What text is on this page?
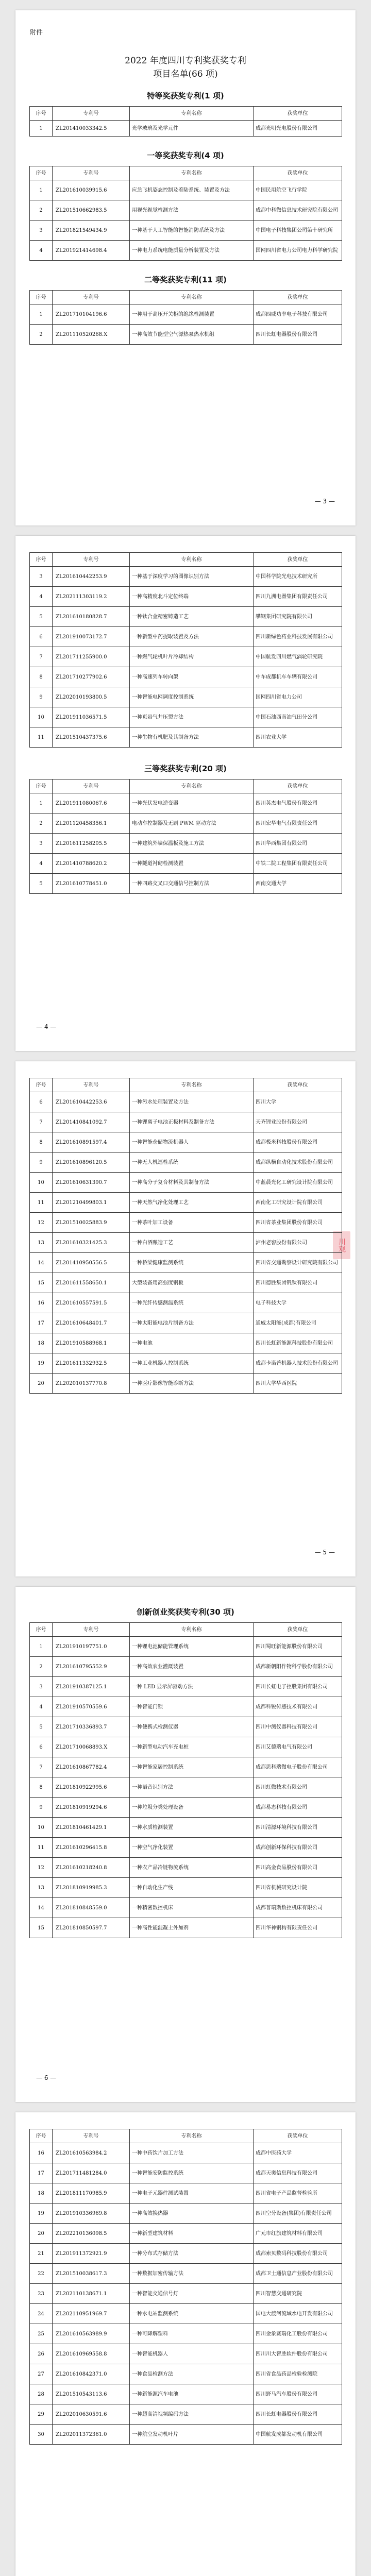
附件
2022 年度四川专利奖获奖专利
项目名单(66 项)
特等奖获奖专利(1 项)
序号	专利号	专利名称	获奖单位
1	ZL201410033342.5	光学玻璃及光学元件	成都光明光电股份有限公司
一等奖获奖专利(4 项)
序号	专利号	专利名称	获奖单位
1	ZL201610039915.6	应急飞机姿态控制及着陆系统、装置及方法	中国民用航空飞行学院
2	ZL201510662983.5	用视光视觉检测方法	成都中科微信息技术研究院有限公司
3	ZL201821549434.9	一种基于人工智能的智能消防系统及方法	中国电子科技集团公司第十研究所
4	ZL201921414698.4	一种电力系统电能质量分析装置及方法	国网四川省电力公司电力科学研究院
二等奖获奖专利(11 项)
序号	专利号	专利名称	获奖单位
1	ZL201710104196.6	一种用于高压开关柜的绝缘检测装置	成都四威功率电子科技有限公司
2	ZL201110520268.X	一种高效节能型空气源热泵热水机组	四川长虹电器股份有限公司
— 3 —
序号	专利号	专利名称	获奖单位
3	ZL201610442253.9	一种基于深度学习的图像识别方法	中国科学院光电技术研究所
4	ZL202111303119.2	一种高精度北斗定位终端	四川九洲电器集团有限责任公司
5	ZL201610180828.7	一种钛合金精密铸造工艺	攀钢集团研究院有限公司
6	ZL201910073172.7	一种新型中药提取装置及方法	四川新绿色药业科技发展有限公司
7	ZL201711255900.0	一种燃气轮机叶片冷却结构	中国航发四川燃气涡轮研究院
8	ZL201710277902.6	一种高速列车转向架	中车成都机车车辆有限公司
9	ZL202010193800.5	一种智能电网调度控制系统	国网四川省电力公司
10	ZL201911036571.5	一种页岩气井压裂方法	中国石油西南油气田分公司
11	ZL201510437375.6	一种生物有机肥及其制备方法	四川农业大学
三等奖获奖专利(20 项)
序号	专利号	专利名称	获奖单位
1	ZL201911080067.6	一种光伏发电逆变器	四川英杰电气股份有限公司
2	ZL201120458356.1	电动车控制器及无刷 PWM 驱动方法	四川宏华电气有限责任公司
3	ZL201611258205.5	一种建筑外墙保温板及施工方法	四川华西集团有限公司
4	ZL201410788620.2	一种隧道衬砌检测装置	中铁二院工程集团有限责任公司
5	ZL201610778451.0	一种四路交叉口交通信号控制方法	西南交通大学
— 4 —
川观
序号	专利号	专利名称	获奖单位
6	ZL201610442253.6	一种污水处理装置及方法	四川大学
7	ZL201410841092.7	一种锂离子电池正极材料及制备方法	天齐锂业股份有限公司
8	ZL201610891597.4	一种智能仓储物流机器人	成都极米科技股份有限公司
9	ZL201610896120.5	一种无人机巡检系统	成都纵横自动化技术股份有限公司
10	ZL201610631390.7	一种高分子复合材料及其制备方法	中蓝晨光化工研究设计院有限公司
11	ZL201210499803.1	一种天然气净化处理工艺	西南化工研究设计院有限公司
12	ZL201510025883.9	一种茶叶加工设备	四川省茶业集团股份有限公司
13	ZL201610321425.3	一种白酒酿造工艺	泸州老窖股份有限公司
14	ZL201410950556.5	一种桥梁健康监测系统	四川省交通勘察设计研究院有限公司
15	ZL201611558650.1	大型装备用高强度钢板	四川德胜集团钒钛有限公司
16	ZL201610557591.5	一种光纤传感测温系统	电子科技大学
17	ZL201610648401.7	一种太阳能电池片制备方法	通威太阳能(成都)有限公司
18	ZL201910588968.1	一种电池	四川长虹新能源科技股份有限公司
19	ZL201611332932.5	一种工业机器人控制系统	成都卡诺普机器人技术股份有限公司
20	ZL202010137770.8	一种医疗影像智能诊断方法	四川大学华西医院
— 5 —
创新创业奖获奖专利(30 项)
序号	专利号	专利名称	获奖单位
1	ZL201910197751.0	一种锂电池储能管理系统	四川蜀旺新能源股份有限公司
2	ZL201610795552.9	一种高效农业灌溉装置	成都新朝阳作物科学股份有限公司
3	ZL201910387125.1	一种 LED 显示屏驱动方法	四川长虹电子控股集团有限公司
4	ZL201910570559.6	一种智能门锁	成都科锐传感技术有限公司
5	ZL201710336893.7	一种便携式检测仪器	四川中测仪器科技有限公司
6	ZL201710068893.X	一种新型电动汽车充电桩	四川艾德瑞电气有限公司
7	ZL201610867782.4	一种智能家居控制系统	成都思科瑞微电子股份有限公司
8	ZL201810922995.6	一种语音识别方法	四川虹微技术有限公司
9	ZL201810919294.6	一种垃圾分类处理设备	成都易态科技有限公司
10	ZL201810461429.1	一种水质检测装置	四川清源环境科技有限公司
11	ZL201610296415.8	一种空气净化装置	成都创新环保科技有限公司
12	ZL201610218240.8	一种农产品冷链物流系统	四川高金食品股份有限公司
13	ZL201810919985.3	一种自动化生产线	四川省机械研究设计院
14	ZL201810848559.0	一种精密数控机床	成都普瑞斯数控机床有限公司
15	ZL201810850597.7	一种高性能混凝土外加剂	四川华神钢构有限责任公司
— 6 —
序号	专利号	专利名称	获奖单位
16	ZL201610563984.2	一种中药饮片加工方法	成都中医药大学
17	ZL201711481284.0	一种智能安防监控系统	成都天奥信息科技有限公司
18	ZL201811170985.9	一种电子元器件测试装置	四川省电子产品监督检验所
19	ZL201910336969.8	一种高效换热器	四川空分设备(集团)有限责任公司
20	ZL202210136098.5	一种新型建筑材料	广元市红旗建筑材料有限公司
21	ZL201911372921.9	一种分布式存储方法	成都索贝数码科技股份有限公司
22	ZL201510038617.3	一种数据加密传输方法	成都卫士通信息产业股份有限公司
23	ZL202110138671.1	一种智能交通信号灯	四川智慧交通研究院
24	ZL202110951969.7	一种水电站监测系统	国电大渡河流域水电开发有限公司
25	ZL201610563989.9	一种可降解塑料	四川金象赛瑞化工股份有限公司
26	ZL201610969558.8	一种智能机器人	四川川大智胜软件股份有限公司
27	ZL201610842371.0	一种食品检测方法	四川省食品药品检验检测院
28	ZL201510543113.6	一种新能源汽车电池	四川野马汽车股份有限公司
29	ZL202010630591.6	一种超高清视频编码方法	四川长虹电器股份有限公司
30	ZL202011372361.0	一种航空发动机叶片	中国航发成都发动机有限公司
